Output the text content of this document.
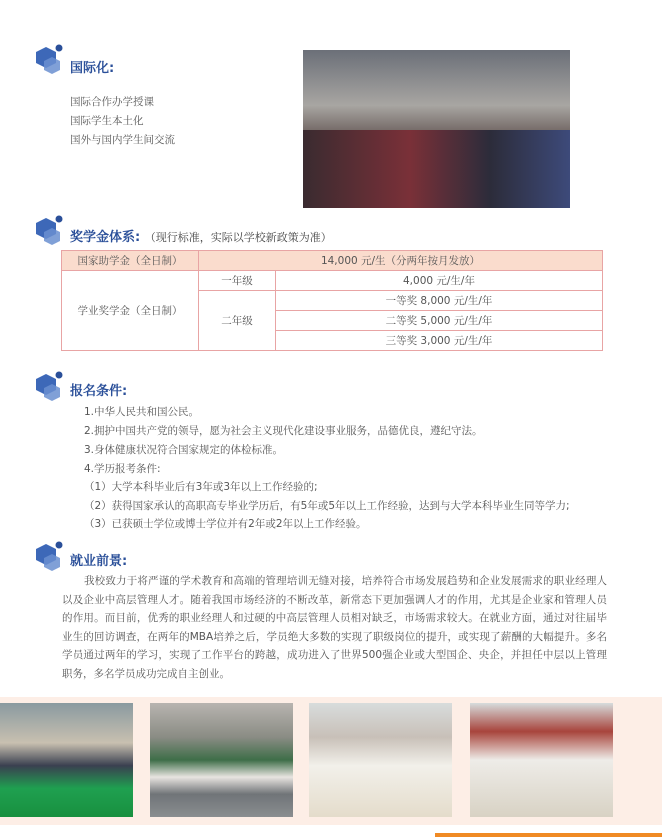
国际化:
国际合作办学授课
国际学生本土化
国外与国内学生间交流
奖学金体系: （现行标准，实际以学校新政策为准）
国家助学金（全日制）	14,000 元/生（分两年按月发放）	
学业奖学金（全日制）	一年级	4,000 元/生/年
	二年级	一等奖 8,000 元/生/年
		二等奖 5,000 元/生/年
		三等奖 3,000 元/生/年
报名条件:
1.中华人民共和国公民。
2.拥护中国共产党的领导，愿为社会主义现代化建设事业服务，品德优良，遵纪守法。
3.身体健康状况符合国家规定的体检标准。
4.学历报考条件:
（1）大学本科毕业后有3年或3年以上工作经验的;
（2）获得国家承认的高职高专毕业学历后，有5年或5年以上工作经验，达到与大学本科毕业生同等学力;
（3）已获硕士学位或博士学位并有2年或2年以上工作经验。
就业前景:
我校致力于将严谨的学术教育和高端的管理培训无缝对接，培养符合市场发展趋势和企业发展需求的职业经理人以及企业中高层管理人才。随着我国市场经济的不断改革，新常态下更加强调人才的作用，尤其是企业家和管理人员的作用。而目前，优秀的职业经理人和过硬的中高层管理人员相对缺乏，市场需求较大。在就业方面，通过对往届毕业生的回访调查，在两年的MBA培养之后，学员绝大多数的实现了职级岗位的提升，或实现了薪酬的大幅提升。多名学员通过两年的学习，实现了工作平台的跨越，成功进入了世界500强企业或大型国企、央企，并担任中层以上管理职务，多名学员成功完成自主创业。
